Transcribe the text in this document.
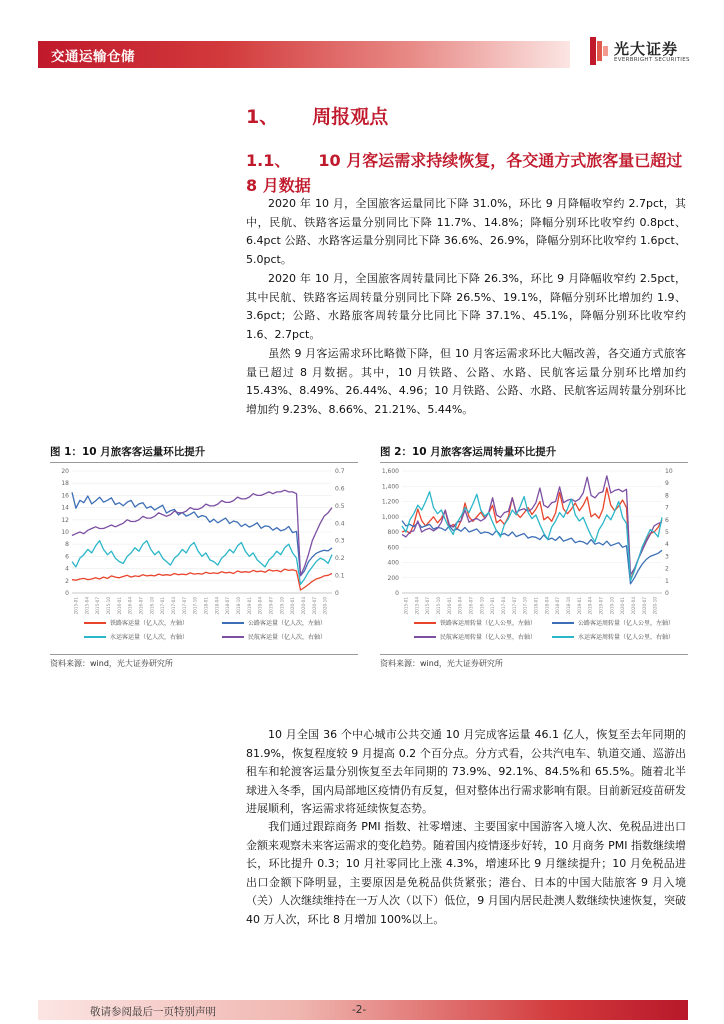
交通运输仓储	光大证券
EVERBRIGHT SECURITIES
1、 周报观点
1.1、 10 月客运需求持续恢复，各交通方式旅客量已超过 8 月数据
2020 年 10 月，全国旅客运量同比下降 31.0%，环比 9 月降幅收窄约 2.7pct，其中，民航、铁路客运量分别同比下降 11.7%、14.8%；降幅分别环比收窄约 0.8pct、6.4pct 公路、水路客运量分别同比下降 36.6%、26.9%，降幅分别环比收窄约 1.6pct、5.0pct。
2020 年 10 月，全国旅客周转量同比下降 26.3%，环比 9 月降幅收窄约 2.5pct，其中民航、铁路客运周转量分别同比下降 26.5%、19.1%，降幅分别环比增加约 1.9、3.6pct；公路、水路旅客周转量分比同比下降 37.1%、45.1%，降幅分别环比收窄约 1.6、2.7pct。
虽然 9 月客运需求环比略微下降，但 10 月客运需求环比大幅改善，各交通方式旅客量已超过 8 月数据。其中，10 月铁路、公路、水路、民航客运量分别环比增加约 15.43%、8.49%、26.44%、4.96；10 月铁路、公路、水路、民航客运周转量分别环比增加约 9.23%、8.66%、21.21%、5.44%。
图 1：10 月旅客客运量环比提升
20
18
16
14
12
10
8
6
4
2
0
0.7
0.6
0.5
0.4
0.3
0.2
0.1
0
2015-01 2015-04 2015-07 2015-10 2016-01 2016-04 2016-07 2016-10 2017-01 2017-04 2017-07 2017-10 2018-01 2018-04 2018-07 2018-10 2019-01 2019-04 2019-07 2019-10 2020-01 2020-04 2020-07 2020-10
铁路客运量（亿人次，左轴）	公路客运量（亿人次，左轴）
水运客运量（亿人次，右轴）	民航客运量（亿人次，右轴）
资料来源：wind，光大证券研究所
图 2：10 月旅客客运周转量环比提升
1,600
1,400
1,200
1,000
800
600
400
200
0
10
9
8
7
6
5
4
3
2
1
0
2015-01 2015-04 2015-07 2015-10 2016-01 2016-04 2016-07 2016-10 2017-01 2017-04 2017-07 2017-10 2018-01 2018-04 2018-07 2018-10 2019-01 2019-04 2019-07 2019-10 2020-01 2020-04 2020-07 2020-10
铁路客运周转量（亿人公里，左轴）	公路客运周转量（亿人公里，左轴）
民航客运周转量（亿人公里，右轴）	水运客运周转量（亿人公里，右轴）
资料来源：wind，光大证券研究所
10 月全国 36 个中心城市公共交通 10 月完成客运量 46.1 亿人，恢复至去年同期的 81.9%，恢复程度较 9 月提高 0.2 个百分点。分方式看，公共汽电车、轨道交通、巡游出租车和轮渡客运量分别恢复至去年同期的 73.9%、92.1%、84.5%和 65.5%。随着北半球进入冬季，国内局部地区疫情仍有反复，但对整体出行需求影响有限。目前新冠疫苗研发进展顺利，客运需求将延续恢复态势。
我们通过跟踪商务 PMI 指数、社零增速、主要国家中国游客入境人次、免税品进出口金额来观察未来客运需求的变化趋势。随着国内疫情逐步好转，10 月商务 PMI 指数继续增长，环比提升 0.3；10 月社零同比上涨 4.3%，增速环比 9 月继续提升；10 月免税品进出口金额下降明显，主要原因是免税品供货紧张；港台、日本的中国大陆旅客 9 月入境（关）人次继续维持在一万人次（以下）低位，9 月国内居民赴澳人数继续快速恢复，突破 40 万人次，环比 8 月增加 100%以上。
敬请参阅最后一页特别声明	-2-
